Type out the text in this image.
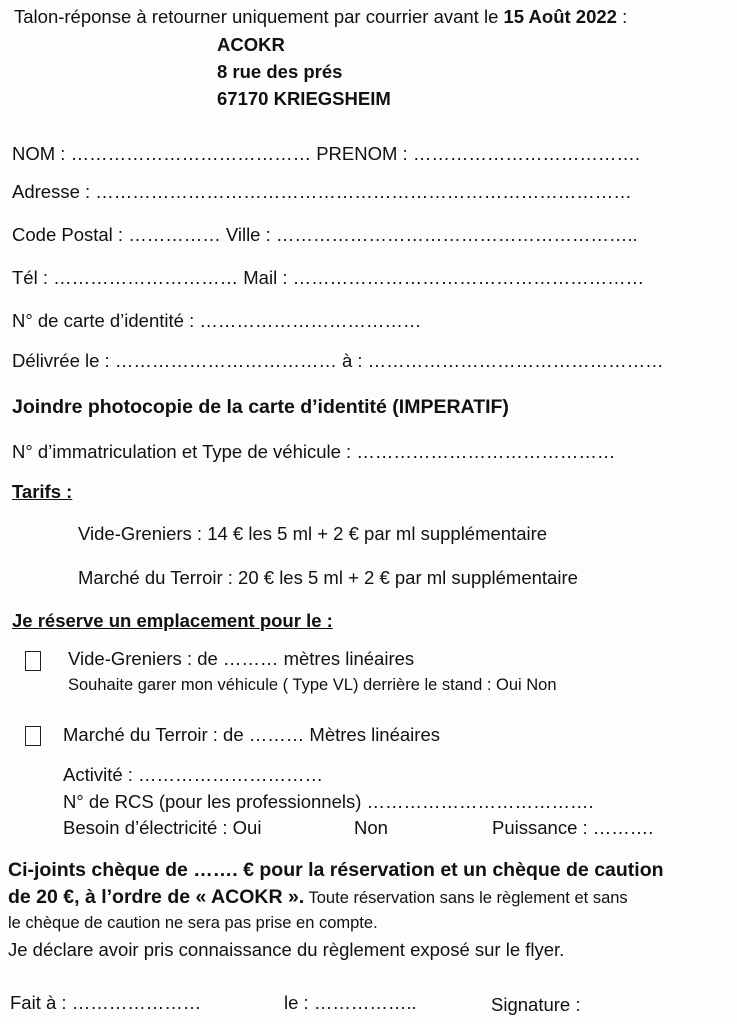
Talon-réponse à retourner uniquement par courrier avant le 15 Août 2022 :
ACOKR
8 rue des prés
67170 KRIEGSHEIM
NOM : ………………………………… PRENOM : ……………………………….
Adresse : ……………………………………………………………………………
Code Postal : …………… Ville : …………………………………………………..
Tél : ………………………… Mail : …………………………………………………
N° de carte d’identité : ………………………………
Délivrée le : ……………………………… à : …………………………………………
Joindre photocopie de la carte d’identité (IMPERATIF)
N° d’immatriculation et Type de véhicule : ……………………………………
Tarifs :
Vide-Greniers : 14 € les 5 ml + 2 € par ml supplémentaire
Marché du Terroir : 20 € les 5 ml + 2 € par ml supplémentaire
Je réserve un emplacement pour le :
Vide-Greniers : de ……… mètres linéaires
Souhaite garer mon véhicule ( Type VL) derrière le stand : Oui Non
Marché du Terroir : de ……… Mètres linéaires
Activité : …………………………
N° de RCS (pour les professionnels) ……………………………….
Besoin d’électricité : Oui	Non	Puissance : ……….
Ci-joints chèque de ……. € pour la réservation et un chèque de caution
de 20 €, à l’ordre de « ACOKR ». Toute réservation sans le règlement et sans
le chèque de caution ne sera pas prise en compte.
Je déclare avoir pris connaissance du règlement exposé sur le flyer.
Fait à : …………………	le : ……………..	Signature :
